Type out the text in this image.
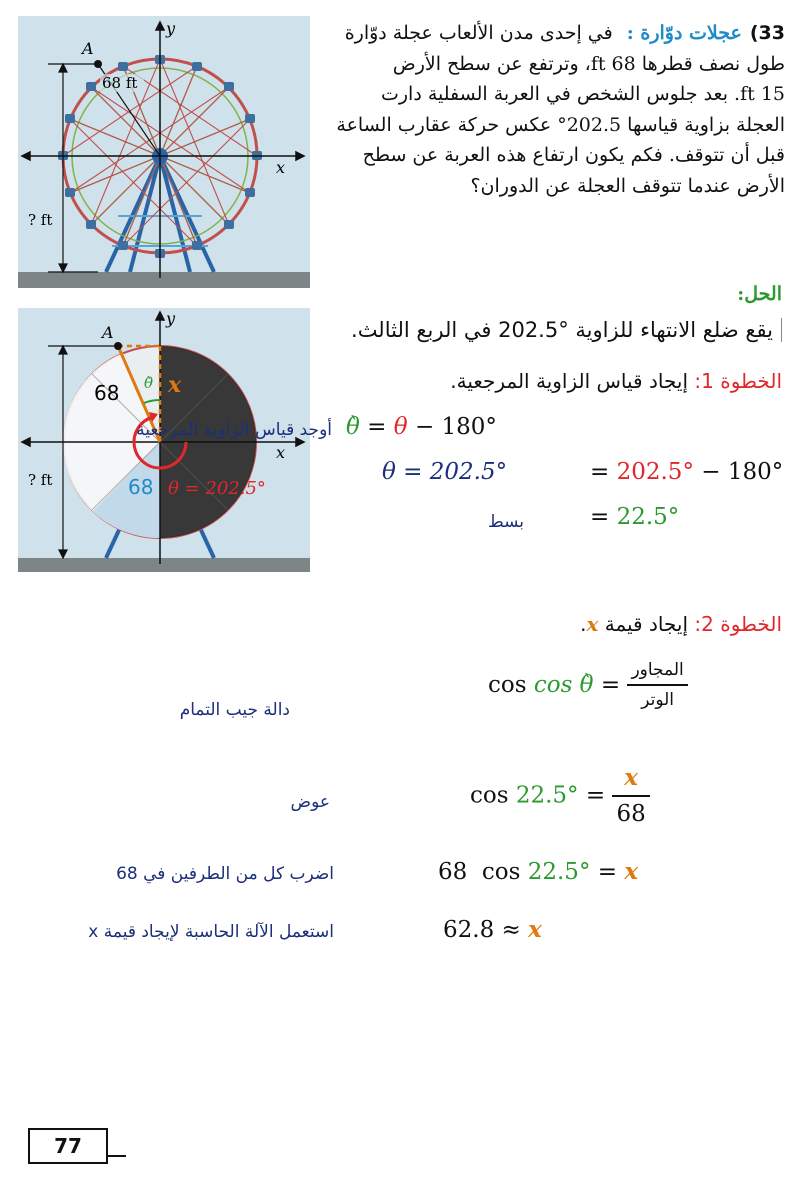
A
y
x
68 ft
? ft
33)عجلات دوّارة : في إحدى مدن الألعاب عجلة دوّارة
طول نصف قطرها 68 ft، وترتفع عن سطح الأرض
15 ft. بعد جلوس الشخص في العربة السفلية دارت
العجلة بزاوية قياسها 202.5° عكس حركة عقارب الساعة
قبل أن تتوقف. فكم يكون ارتفاع هذه العربة عن سطح
الأرض عندما تتوقف العجلة عن الدوران؟
الحل:
A
y
x
68 θ̀ x
68 θ = 202.5°
? ft
يقع ضلع الانتهاء للزاوية °202.5 في الربع الثالث.
الخطوة 1: إيجاد قياس الزاوية المرجعية.
أوجد قياس الزاوية المرجعية θ̀ = θ − 180°
θ = 202.5°	= 202.5° − 180°
بسط	= 22.5°
الخطوة 2: إيجاد قيمة x.
دالة جيب التمام
cos cos θ̀ = $\frac{\text{المجاور}}{\text{الوتر}}$
عوض	$\cos 22.5^\circ = \frac{x}{68}$
اضرب كل من الطرفين في 68	68  cos 22.5° = x
استعمل الآلة الحاسبة لإيجاد قيمة x	62.8 ≈ x
77
